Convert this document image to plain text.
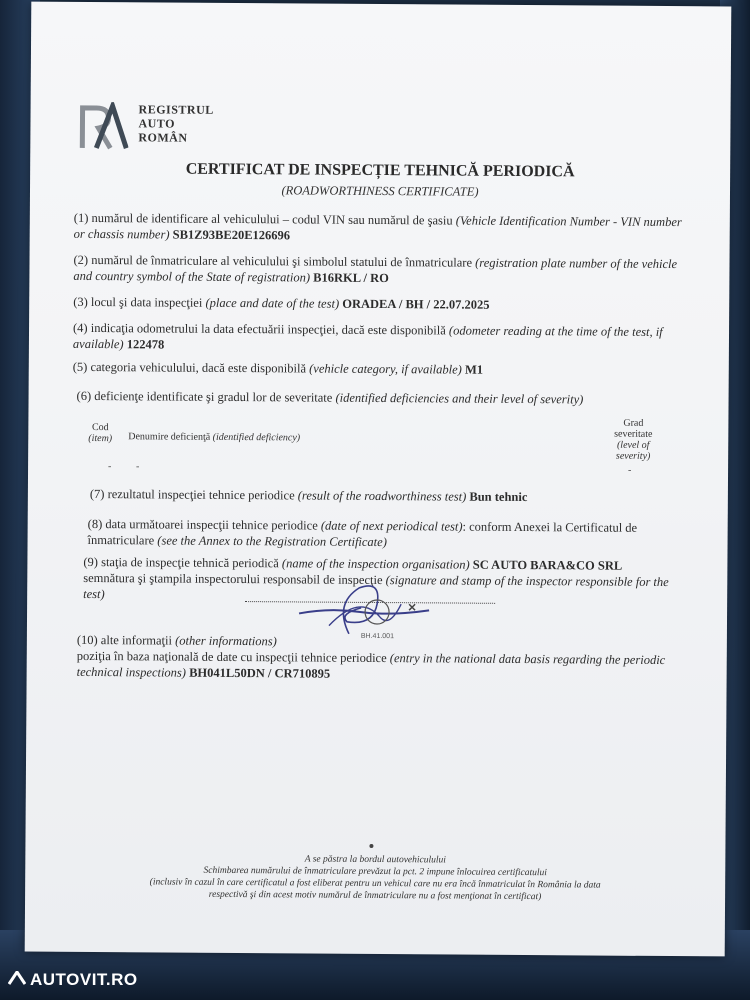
REGISTRUL
AUTO
ROMÂN
CERTIFICAT DE INSPECȚIE TEHNICĂ PERIODICĂ
(ROADWORTHINESS CERTIFICATE)
(1) numărul de identificare al vehiculului – codul VIN sau numărul de şasiu (Vehicle Identification Number - VIN number or chassis number) SB1Z93BE20E126696
(2) numărul de înmatriculare al vehiculului şi simbolul statului de înmatriculare (registration plate number of the vehicle and country symbol of the State of registration) B16RKL / RO
(3) locul şi data inspecţiei (place and date of the test) ORADEA / BH / 22.07.2025
(4) indicaţia odometrului la data efectuării inspecţiei, dacă este disponibilă (odometer reading at the time of the test, if available) 122478
(5) categoria vehiculului, dacă este disponibilă (vehicle category, if available) M1
(6) deficienţe identificate şi gradul lor de severitate (identified deficiencies and their level of severity)
Cod
(item) Denumire deficienţă (identified deficiency)
Grad
severitate
(level of
severity)
- -	-
(7) rezultatul inspecţiei tehnice periodice (result of the roadworthiness test) Bun tehnic
(8) data următoarei inspecţii tehnice periodice (date of next periodical test): conform Anexei la Certificatul de înmatriculare (see the Annex to the Registration Certificate)
(9) staţia de inspecţie tehnică periodică (name of the inspection organisation) SC AUTO BARA&CO SRL
semnătura şi ştampila inspectorului responsabil de inspecţie (signature and stamp of the inspector responsible for the test)
BH.41.001
(10) alte informaţii (other informations)
poziţia în baza naţională de date cu inspecţii tehnice periodice (entry in the national data basis regarding the periodic technical inspections) BH041L50DN / CR710895
A se păstra la bordul autovehiculului
Schimbarea numărului de înmatriculare prevăzut la pct. 2 impune înlocuirea certificatului
(inclusiv în cazul în care certificatul a fost eliberat pentru un vehicul care nu era încă înmatriculat în România la data
respectivă şi din acest motiv numărul de înmatriculare nu a fost menţionat în certificat)
AUTOVIT.RO
